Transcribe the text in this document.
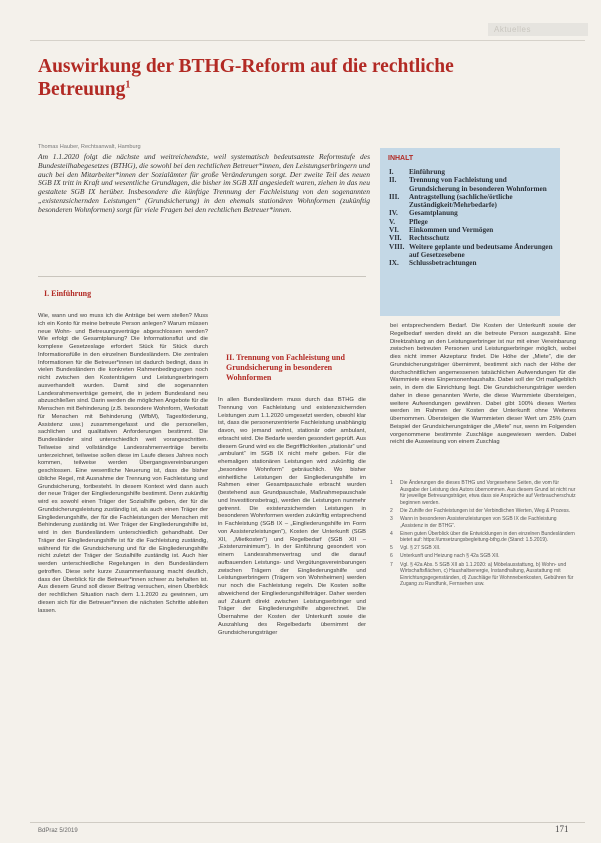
Aktuelles
Auswirkung der BTHG-Reform auf die rechtliche Betreuung$^1$

Thomas Hauber, Rechtsanwalt, Hamburg

Am 1.1.2020 folgt die nächste und weitreichendste, weil systematisch bedeutsamste Reformstufe des Bundesteilhabegesetzes (BTHG), die sowohl bei den rechtlichen Betreuer*innen, den Leistungserbringern und auch bei den Mitarbeiter*innen der Sozialämter für große Veränderungen sorgt. Der zweite Teil des neuen SGB IX tritt in Kraft und wesentliche Grundlagen, die bisher im SGB XII angesiedelt waren, ziehen in das neu gestaltete SGB IX herüber. Insbesondere die künftige Trennung der Fachleistung von den sogenannten „existenzsichernden Leistungen“ (Grundsicherung) in den ehemals stationären Wohnformen (zukünftig besonderen Wohnformen) sorgt für viele Fragen bei den rechtlichen Betreuer*innen.

INHALT
I.	Einführung
II.	Trennung von Fachleistung und Grundsicherung in besonderen Wohnformen
III.	Antragstellung (sachliche/örtliche Zuständigkeit/Mehrbedarfe)
IV.	Gesamtplanung
V.	Pflege
VI.	Einkommen und Vermögen
VII.	Rechtsschutz
VIII. Weitere geplante und bedeutsame Änderungen auf Gesetzesebene
IX.	Schlussbetrachtungen
I. Einführung

Wie, wann und wo muss ich die Anträge bei wem stellen? Muss ich ein Konto für meine betreute Person anlegen? Warum müssen neue Wohn- und Betreuungsverträge abgeschlossen werden? Wie erfolgt die Gesamtplanung? Die Informationsflut und die komplexe Gesetzeslage erfordert Stück für Stück durch Informationsfülle in den einzelnen Bundesländern. Die zentralen Informationen für die Betreuer*innen ist dadurch bedingt, dass in vielen Bundesländern die konkreten Rahmenbedingungen noch nicht zwischen den Kostenträgern und Leistungserbringern ausverhandelt wurden. Damit sind die sogenannten Landesrahmenverträge gemeint, die in jedem Bundesland neu abzuschließen sind. Darin werden die möglichen Angebote für die Menschen mit Behinderung (z.B. besondere Wohnform, Werkstatt für Menschen mit Behinderung (WfbM), Tagesförderung, Assistenz usw.) zusammengefasst und die personellen, sachlichen und qualitativen Anforderungen bestimmt. Die Bundesländer sind unterschiedlich weit vorangeschritten. Teilweise sind vollständige Landesrahmenverträge bereits unterzeichnet, teilweise sollen diese im Laufe dieses Jahres noch kommen, teilweise werden Übergangsvereinbarungen geschlossen. Eine wesentliche Neuerung ist, dass die bisher übliche Regel, mit Ausnahme der Trennung von Fachleistung und Grundsicherung, fortbesteht. In diesem Kontext wird dann auch der neue Träger der Eingliederungshilfe bestimmt. Denn zukünftig wird es sowohl einen Träger der Sozialhilfe geben, der für die Grundsicherungsleistung zuständig ist, als auch einen Träger der Eingliederungshilfe, der für die Fachleistungen der Menschen mit Behinderung zuständig ist. Wer Träger der Eingliederungshilfe ist, wird in den Bundesländern unterschiedlich gehandhabt. Der Träger der Eingliederungshilfe ist für die Fachleistung zuständig, während für die Grundsicherung und für die Eingliederungshilfe nicht zuletzt der Träger der Sozialhilfe zuständig ist. Auch hier werden unterschiedliche Regelungen in den Bundesländern getroffen. Diese sehr kurze Zusammenfassung macht deutlich, dass der Überblick für die Betreuer*innen schwer zu behalten ist. Aus diesem Grund soll dieser Beitrag versuchen, einen Überblick der rechtlichen Situation nach dem 1.1.2020 zu gewinnen, um diesen sich für die Betreuer*innen die nächsten Schritte ableiten lassen.

II. Trennung von Fachleistung und Grundsicherung in besonderen Wohnformen

In allen Bundesländern muss durch das BTHG die Trennung von Fachleistung und existenzsichernden Leistungen zum 1.1.2020 umgesetzt werden, obwohl klar ist, dass die personenzentrierte Fachleistung unabhängig davon, wo jemand wohnt, stationär oder ambulant, erbracht wird. Die Bedarfe werden gesondert geprüft. Aus diesem Grund wird es die Begrifflichkeiten „stationär“ und „ambulant“ im SGB IX nicht mehr geben. Für die ehemaligen stationären Leistungen wird zukünftig die „besondere Wohnform“ gebräuchlich. Wo bisher einheitliche Leistungen der Eingliederungshilfe im Rahmen einer Gesamtpauschale erbracht wurden (bestehend aus Grundpauschale, Maßnahmepauschale und Investitionsbetrag), werden die Leistungen nunmehr getrennt. Die existenzsichernden Leistungen in besonderen Wohnformen werden zukünftig entsprechend in Fachleistung (SGB IX – „Eingliederungshilfe im Form von Assistenzleistungen“), Kosten der Unterkunft (SGB XII, „Mietkosten“) und Regelbedarf (SGB XII – „Existenzminimum“). In der Einführung gesondert von einem Landesrahmenvertrag und die darauf aufbauenden Leistungs- und Vergütungsvereinbarungen zwischen Trägern der Eingliederungshilfe und Leistungserbringern (Trägern von Wohnheimen) werden nur noch die Fachleistung regeln. Die Kosten sollte abweichend der Eingliederungshilfeträger. Daher werden auf Zukunft direkt zwischen Leistungserbringer und Träger der Eingliederungshilfe abgerechnet. Die Übernahme der Kosten der Unterkunft sowie die Auszahlung des Regelbedarfs übernimmt der Grundsicherungsträger

bei entsprechendem Bedarf. Die Kosten der Unterkunft sowie der Regelbedarf werden direkt an die betreute Person ausgezahlt. Eine Direktzahlung an den Leistungserbringer ist nur mit einer Vereinbarung zwischen betreuten Personen und Leistungserbringer möglich, wobei dies nicht immer Akzeptanz findet. Die Höhe der „Miete“, die der Grundsicherungsträger übernimmt, bestimmt sich nach der Höhe der durchschnittlichen angemessenen tatsächlichen Aufwendungen für die Warmmiete eines Einpersonenhaushalts. Dabei soll der Ort maßgeblich sein, in dem die Einrichtung liegt. Die Grundsicherungsträger werden daher in diese genannten Werte, die diese Warmmiete übersteigen, weitere Aufwendungen gewähren. Dabei gibt 100% dieses Wertes werden im Rahmen der Kosten der Unterkunft ohne Weiteres übernommen. Übersteigen die Warmmieten dieser Wert um 25% (zum Beispiel der Grundsicherungsträger die „Miete“ nur, wenn im Folgenden vorgenommene bestimmte Zuschläge ausgewiesen werden. Dabei reicht die Ausweisung von einem Zuschlag

1	Die Änderungen die dieses BTHG und Vorgesehene Seiten, die vom für Ausgabe der Leistung des Autors übernommen. Aus diesem Grund ist nicht nur für jeweilige Betreuungsträger, etwa dass sie Ansprüche auf Verbraucherschutz beginnen werden.
2	Die Zuhilfe der Fachleistungen ist der Verbindlichen Werten, Weg & Prozess.
3	Wann in besonderen Assistenzleistungen von SGB IX die Fachleistung „Assistenz in der BTHG“.
4	Einen guten Überblick über die Entwicklungen in den einzelnen Bundesländern bietet auf: https://umsetzungsbegleitung-bthg.de (Stand: 1.5.2019).
5	Vgl. § 27 SGB XII.
6	Unterkunft und Heizung nach § 42a SGB XII.
7	Vgl. § 42a Abs. 5 SGB XII ab 1.1.2020: a) Möbelausstattung, b) Wohn- und Wirtschaftsflächen, c) Haushaltsenergie, Instandhaltung, Ausstattung mit Einrichtungsgegenständen, d) Zuschläge für Wohnnebenkosten, Gebühren für Zugang zu Rundfunk, Fernsehen usw.
BdPraz 5/2019	171
